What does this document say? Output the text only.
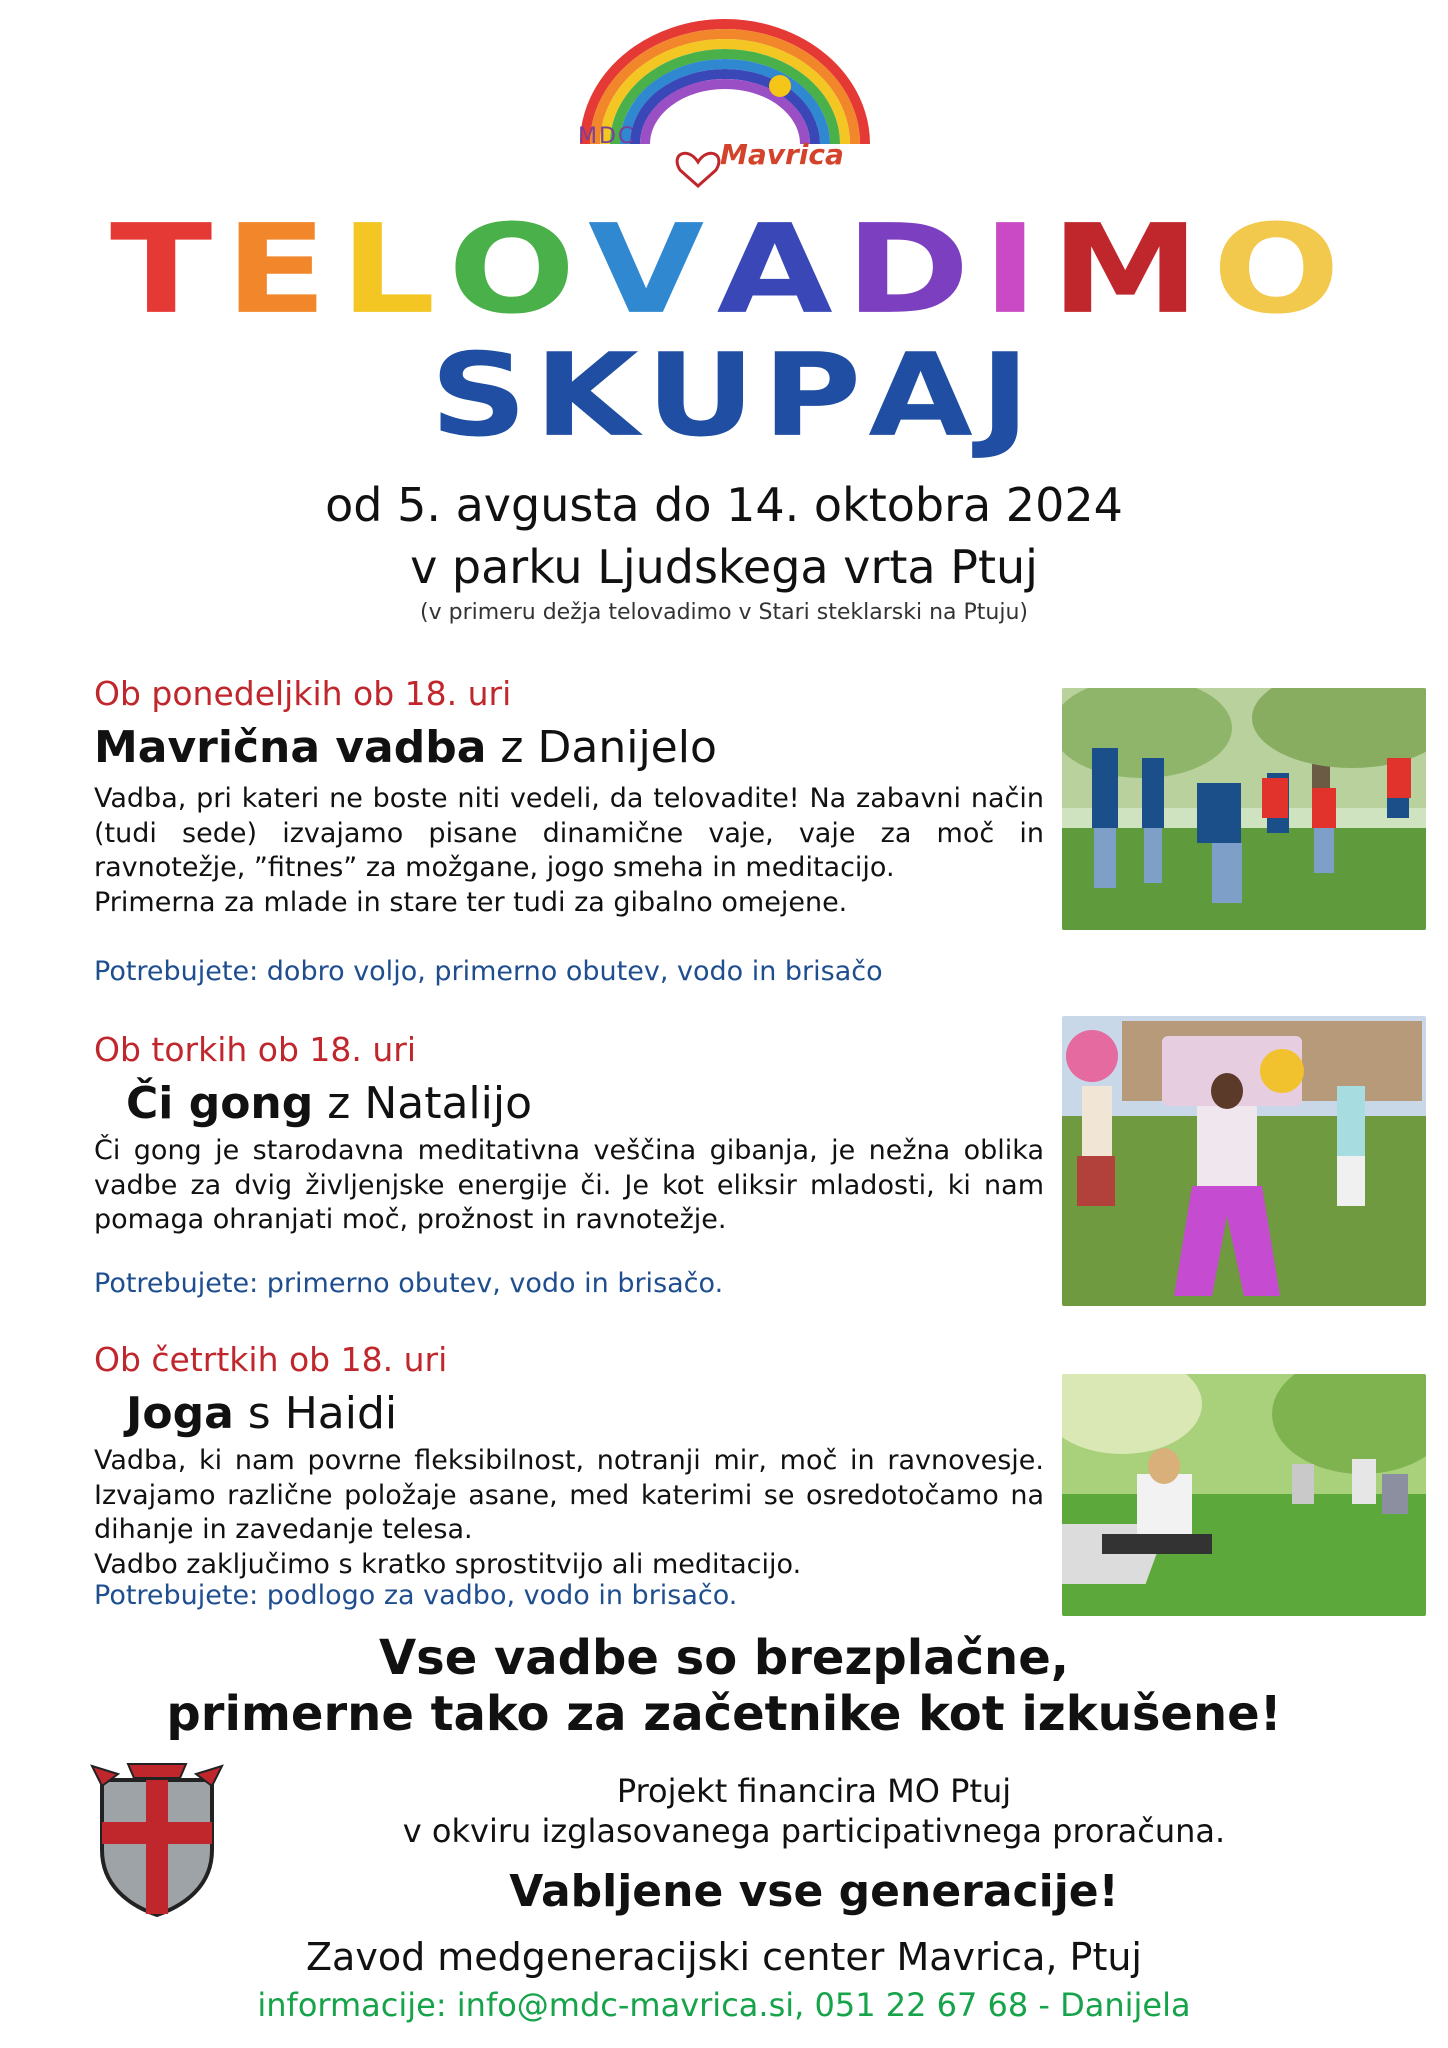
MDC
Mavrica
T E L O V A D I M O
S K U P A J
od 5. avgusta do 14. oktobra 2024
v parku Ljudskega vrta Ptuj
(v primeru dežja telovadimo v Stari steklarski na Ptuju)
Ob ponedeljkih ob 18. uri
Mavrična vadba z Danijelo

Vadba, pri kateri ne boste niti vedeli, da telovadite! Na zabavni način (tudi sede) izvajamo pisane dinamične vaje, vaje za moč in ravnotežje, ”fitnes” za možgane, jogo smeha in meditacijo.

Primerna za mlade in stare ter tudi za gibalno omejene.

Potrebujete: dobro voljo, primerno obutev, vodo in brisačo
Ob torkih ob 18. uri
Či gong z Natalijo

Či gong je starodavna meditativna veščina gibanja, je nežna oblika vadbe za dvig življenjske energije či. Je kot eliksir mladosti, ki nam pomaga ohranjati moč, prožnost in ravnotežje.

Potrebujete: primerno obutev, vodo in brisačo.
Ob četrtkih ob 18. uri
Joga s Haidi

Vadba, ki nam povrne fleksibilnost, notranji mir, moč in ravnovesje. Izvajamo različne položaje asane, med katerimi se osredotočamo na dihanje in zavedanje telesa.

Vadbo zaključimo s kratko sprostitvijo ali meditacijo.

Potrebujete: podlogo za vadbo, vodo in brisačo.
Vse vadbe so brezplačne,
primerne tako za začetnike kot izkušene!
Projekt financira MO Ptuj
v okviru izglasovanega participativnega proračuna.
Vabljene vse generacije!
Zavod medgeneracijski center Mavrica, Ptuj
informacije: info@mdc-mavrica.si, 051 22 67 68 - Danijela
